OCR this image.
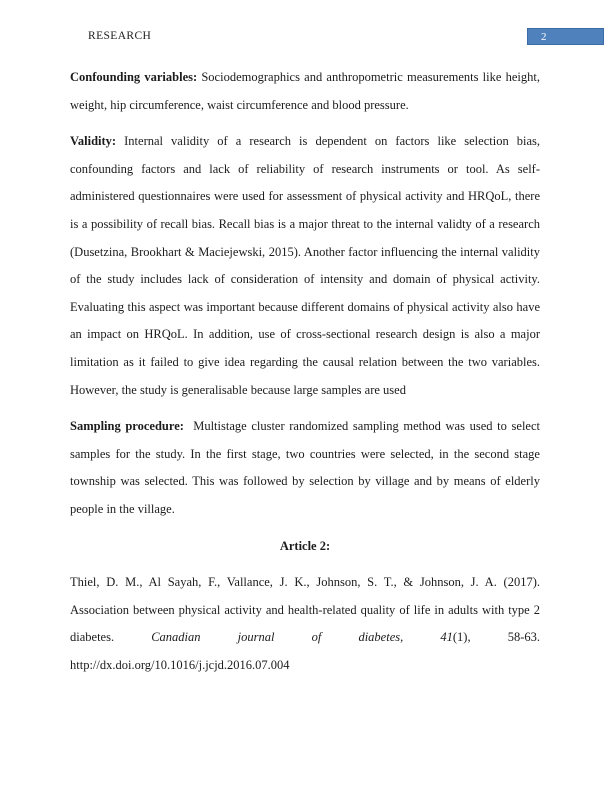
RESEARCH	2

Confounding variables: Sociodemographics and anthropometric measurements like height, weight, hip circumference, waist circumference and blood pressure.

Validity: Internal validity of a research is dependent on factors like selection bias, confounding factors and lack of reliability of research instruments or tool. As self-administered questionnaires were used for assessment of physical activity and HRQoL, there is a possibility of recall bias. Recall bias is a major threat to the internal validty of a research (Dusetzina, Brookhart & Maciejewski, 2015). Another factor influencing the internal validity of the study includes lack of consideration of intensity and domain of physical activity. Evaluating this aspect was important because different domains of physical activity also have an impact on HRQoL. In addition, use of cross-sectional research design is also a major limitation as it failed to give idea regarding the causal relation between the two variables. However, the study is generalisable because large samples are used

Sampling procedure:  Multistage cluster randomized sampling method was used to select samples for the study. In the first stage, two countries were selected, in the second stage township was selected. This was followed by selection by village and by means of elderly people in the village.

Article 2:

Thiel, D. M., Al Sayah, F., Vallance, J. K., Johnson, S. T., & Johnson, J. A. (2017). Association between physical activity and health-related quality of life in adults with type 2 diabetes. Canadian journal of diabetes, 41(1), 58-63. http://dx.doi.org/10.1016/j.jcjd.2016.07.004
